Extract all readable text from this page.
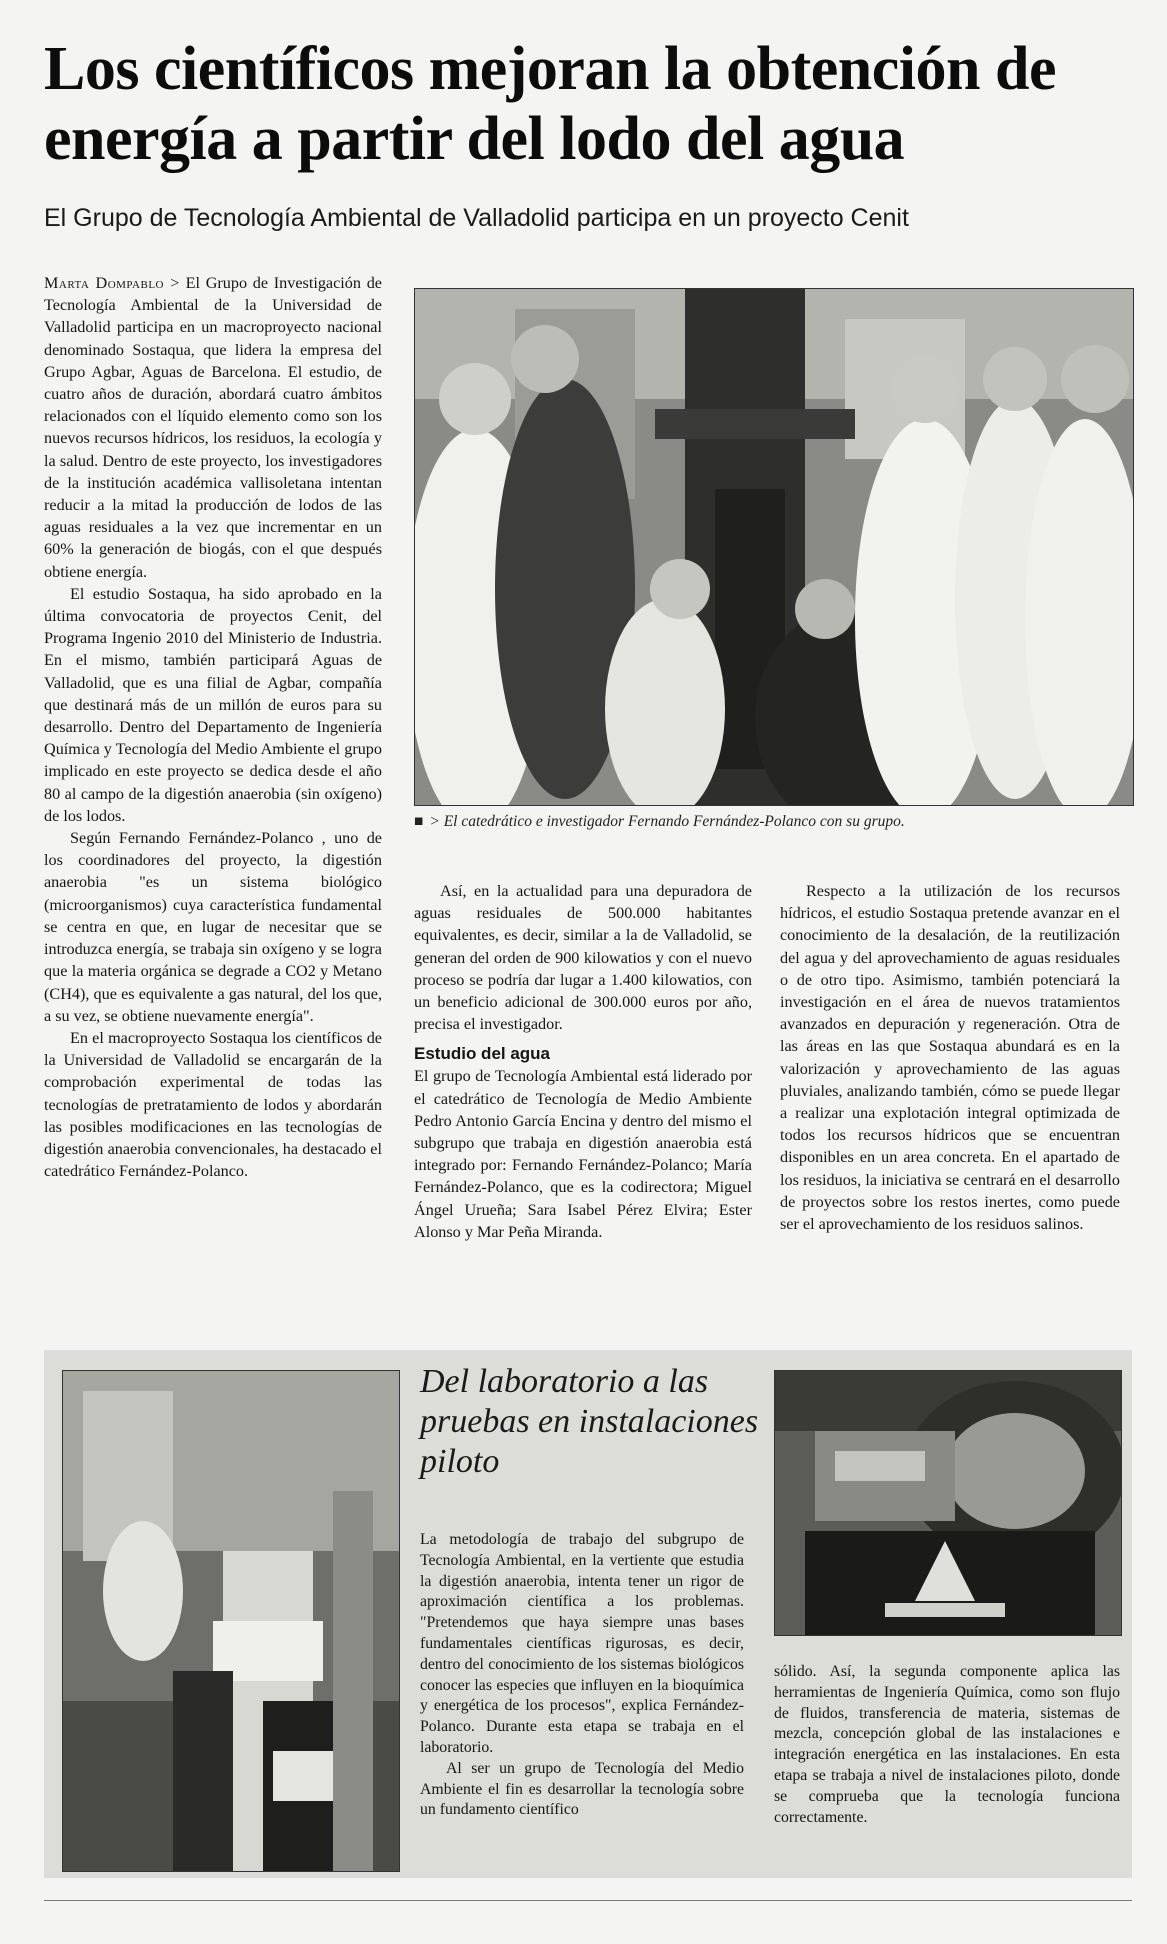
Los científicos mejoran la obtención de energía a partir del lodo del agua
El Grupo de Tecnología Ambiental de Valladolid participa en un proyecto Cenit

Marta Dompablo > El Grupo de Investigación de Tecnología Ambiental de la Universidad de Valladolid participa en un macroproyecto nacional denominado Sostaqua, que lidera la empresa del Grupo Agbar, Aguas de Barcelona. El estudio, de cuatro años de duración, abordará cuatro ámbitos relacionados con el líquido elemento como son los nuevos recursos hídricos, los residuos, la ecología y la salud. Dentro de este proyecto, los investigadores de la institución académica vallisoletana intentan reducir a la mitad la producción de lodos de las aguas residuales a la vez que incrementar en un 60% la generación de biogás, con el que después obtiene energía.

El estudio Sostaqua, ha sido aprobado en la última convocatoria de proyectos Cenit, del Programa Ingenio 2010 del Ministerio de Industria. En el mismo, también participará Aguas de Valladolid, que es una filial de Agbar, compañía que destinará más de un millón de euros para su desarrollo. Dentro del Departamento de Ingeniería Química y Tecnología del Medio Ambiente el grupo implicado en este proyecto se dedica desde el año 80 al campo de la digestión anaerobia (sin oxígeno) de los lodos.

Según Fernando Fernández-Polanco , uno de los coordinadores del proyecto, la digestión anaerobia "es un sistema biológico (microorganismos) cuya característica fundamental se centra en que, en lugar de necesitar que se introduzca energía, se trabaja sin oxígeno y se logra que la materia orgánica se degrade a CO2 y Metano (CH4), que es equivalente a gas natural, del los que, a su vez, se obtiene nuevamente energía".

En el macroproyecto Sostaqua los científicos de la Universidad de Valladolid se encargarán de la comprobación experimental de todas las tecnologías de pretratamiento de lodos y abordarán las posibles modificaciones en las tecnologías de digestión anaerobia convencionales, ha destacado el catedrático Fernández-Polanco.

■ > El catedrático e investigador Fernando Fernández-Polanco con su grupo.

Así, en la actualidad para una depuradora de aguas residuales de 500.000 habitantes equivalentes, es decir, similar a la de Valladolid, se generan del orden de 900 kilowatios y con el nuevo proceso se podría dar lugar a 1.400 kilowatios, con un beneficio adicional de 300.000 euros por año, precisa el investigador.

Estudio del agua

El grupo de Tecnología Ambiental está liderado por el catedrático de Tecnología de Medio Ambiente Pedro Antonio García Encina y dentro del mismo el subgrupo que trabaja en digestión anaerobia está integrado por: Fernando Fernández-Polanco; María Fernández-Polanco, que es la codirectora; Miguel Ángel Urueña; Sara Isabel Pérez Elvira; Ester Alonso y Mar Peña Miranda.

Respecto a la utilización de los recursos hídricos, el estudio Sostaqua pretende avanzar en el conocimiento de la desalación, de la reutilización del agua y del aprovechamiento de aguas residuales o de otro tipo. Asimismo, también potenciará la investigación en el área de nuevos tratamientos avanzados en depuración y regeneración. Otra de las áreas en las que Sostaqua abundará es en la valorización y aprovechamiento de las aguas pluviales, analizando también, cómo se puede llegar a realizar una explotación integral optimizada de todos los recursos hídricos que se encuentran disponibles en un area concreta. En el apartado de los residuos, la iniciativa se centrará en el desarrollo de proyectos sobre los restos inertes, como puede ser el aprovechamiento de los residuos salinos.

Del laboratorio a las pruebas en instalaciones piloto

La metodología de trabajo del subgrupo de Tecnología Ambiental, en la vertiente que estudia la digestión anaerobia, intenta tener un rigor de aproximación científica a los problemas. "Pretendemos que haya siempre unas bases fundamentales científicas rigurosas, es decir, dentro del conocimiento de los sistemas biológicos conocer las especies que influyen en la bioquímica y energética de los procesos", explica Fernández-Polanco. Durante esta etapa se trabaja en el laboratorio.

Al ser un grupo de Tecnología del Medio Ambiente el fin es desarrollar la tecnología sobre un fundamento científico

sólido. Así, la segunda componente aplica las herramientas de Ingeniería Química, como son flujo de fluidos, transferencia de materia, sistemas de mezcla, concepción global de las instalaciones e integración energética en las instalaciones. En esta etapa se trabaja a nivel de instalaciones piloto, donde se comprueba que la tecnología funciona correctamente.
